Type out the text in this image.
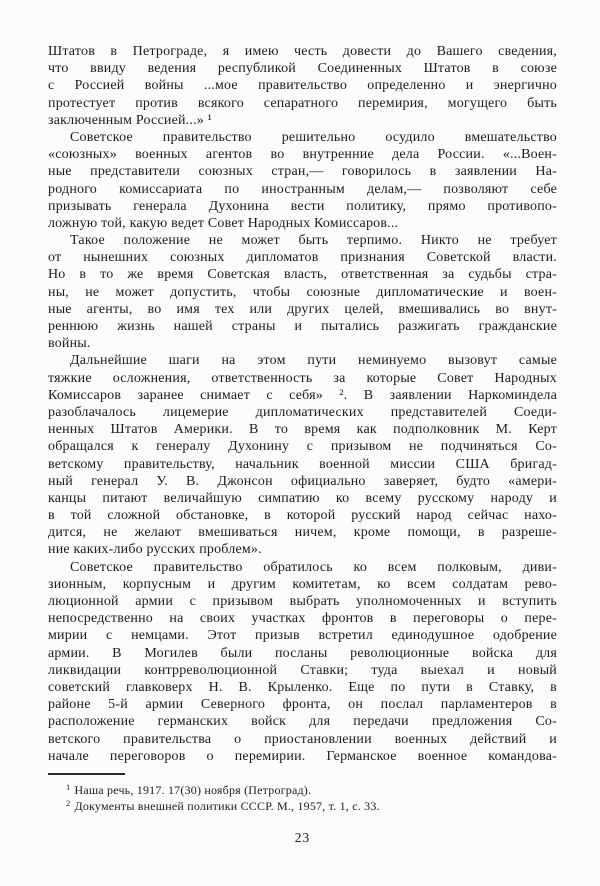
Штатов в Петрограде, я имею честь довести до Вашего сведения,
что ввиду ведения республикой Соединенных Штатов в союзе
с Россией войны ...мое правительство определенно и энергично
протестует против всякого сепаратного перемирия, могущего быть
заключенным Россией...» ¹
Советское правительство решительно осудило вмешательство
«союзных» военных агентов во внутренние дела России. «...Воен-
ные представители союзных стран,— говорилось в заявлении На-
родного комиссариата по иностранным делам,— позволяют себе
призывать генерала Духонина вести политику, прямо противопо-
ложную той, какую ведет Совет Народных Комиссаров...
Такое положение не может быть терпимо. Никто не требует
от нынешних союзных дипломатов признания Советской власти.
Но в то же время Советская власть, ответственная за судьбы стра-
ны, не может допустить, чтобы союзные дипломатические и воен-
ные агенты, во имя тех или других целей, вмешивались во внут-
реннюю жизнь нашей страны и пытались разжигать гражданские
войны.
Дальнейшие шаги на этом пути неминуемо вызовут самые
тяжкие осложнения, ответственность за которые Совет Народных
Комиссаров заранее снимает с себя» ². В заявлении Наркоминдела
разоблачалось лицемерие дипломатических представителей Соеди-
ненных Штатов Америки. В то время как подполковник М. Керт
обращался к генералу Духонину с призывом не подчиняться Со-
ветскому правительству, начальник военной миссии США бригад-
ный генерал У. В. Джонсон официально заверяет, будто «амери-
канцы питают величайшую симпатию ко всему русскому народу и
в той сложной обстановке, в которой русский народ сейчас нахо-
дится, не желают вмешиваться ничем, кроме помощи, в разреше-
ние каких-либо русских проблем».
Советское правительство обратилось ко всем полковым, диви-
зионным, корпусным и другим комитетам, ко всем солдатам рево-
люционной армии с призывом выбрать уполномоченных и вступить
непосредственно на своих участках фронтов в переговоры о пере-
мирии с немцами. Этот призыв встретил единодушное одобрение
армии. В Могилев были посланы революционные войска для
ликвидации контрреволюционной Ставки; туда выехал и новый
советский главковерх Н. В. Крыленко. Еще по пути в Ставку, в
районе 5-й армии Северного фронта, он послал парламентеров в
расположение германских войск для передачи предложения Со-
ветского правительства о приостановлении военных действий и
начале переговоров о перемирии. Германское военное командова-
$^1$ Наша речь, 1917. 17(30) ноября (Петроград).
$^2$ Документы внешней политики СССР. М., 1957, т. 1, с. 33.
23
